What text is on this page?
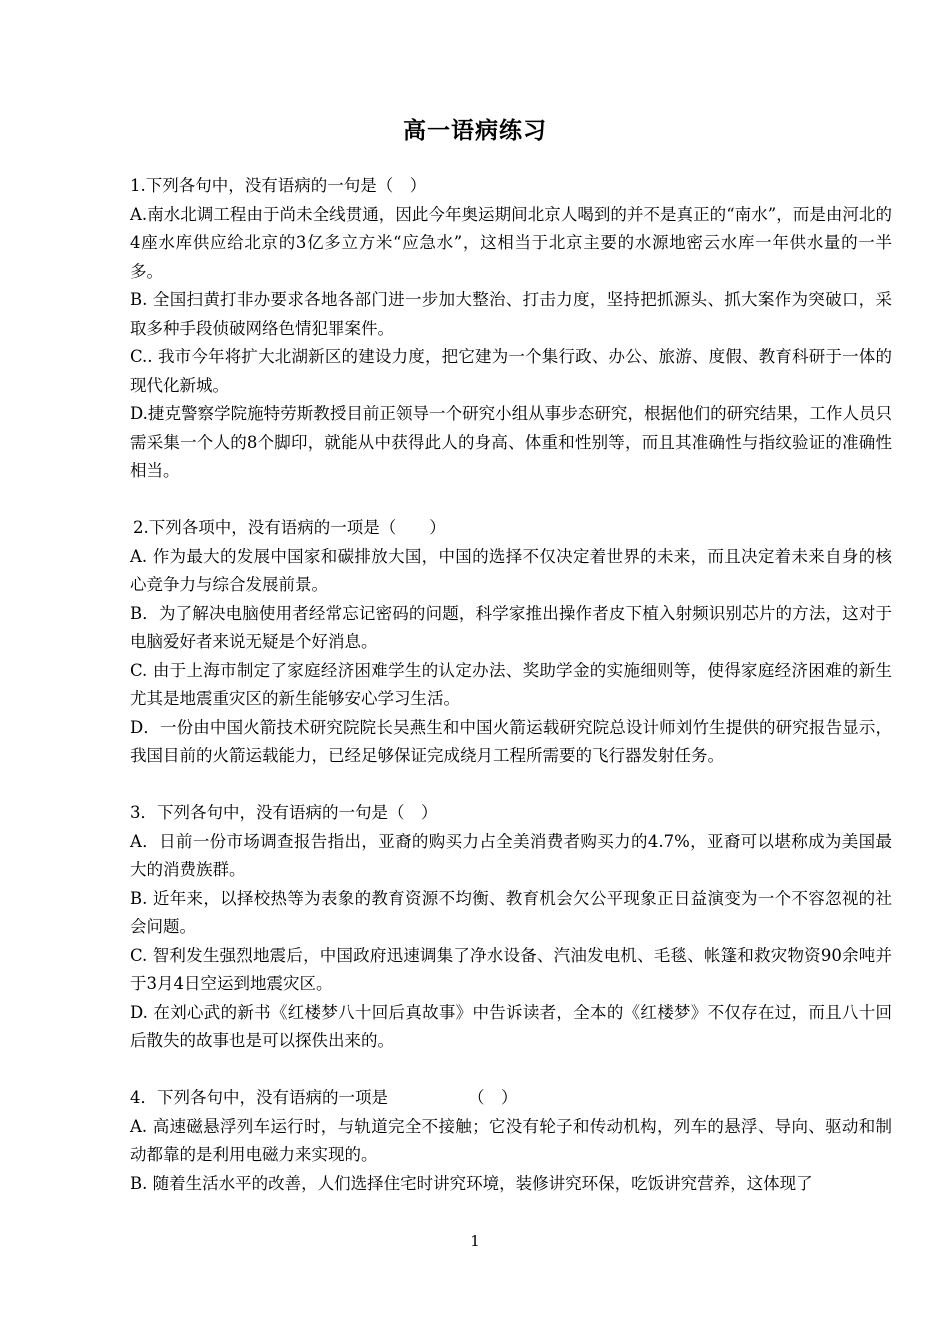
高一语病练习
1.下列各句中，没有语病的一句是（　）
A.南水北调工程由于尚未全线贯通，因此今年奥运期间北京人喝到的并不是真正的“南水”，而是由河北的4座水库供应给北京的3亿多立方米“应急水”，这相当于北京主要的水源地密云水库一年供水量的一半多。
B. 全国扫黄打非办要求各地各部门进一步加大整治、打击力度，坚持把抓源头、抓大案作为突破口，采取多种手段侦破网络色情犯罪案件。
C.. 我市今年将扩大北湖新区的建设力度，把它建为一个集行政、办公、旅游、度假、教育科研于一体的现代化新城。
D.捷克警察学院施特劳斯教授目前正领导一个研究小组从事步态研究，根据他们的研究结果，工作人员只需采集一个人的8个脚印，就能从中获得此人的身高、体重和性别等，而且其准确性与指纹验证的准确性相当。
2.下列各项中，没有语病的一项是（　　）
A. 作为最大的发展中国家和碳排放大国，中国的选择不仅决定着世界的未来，而且决定着未来自身的核心竞争力与综合发展前景。
B．为了解决电脑使用者经常忘记密码的问题，科学家推出操作者皮下植入射频识别芯片的方法，这对于电脑爱好者来说无疑是个好消息。
C. 由于上海市制定了家庭经济困难学生的认定办法、奖助学金的实施细则等，使得家庭经济困难的新生尤其是地震重灾区的新生能够安心学习生活。
D．一份由中国火箭技术研究院院长吴燕生和中国火箭运载研究院总设计师刘竹生提供的研究报告显示，我国目前的火箭运载能力，已经足够保证完成绕月工程所需要的飞行器发射任务。
3．下列各句中，没有语病的一句是（　）
A．日前一份市场调查报告指出，亚裔的购买力占全美消费者购买力的4.7%，亚裔可以堪称成为美国最大的消费族群。
B. 近年来，以择校热等为表象的教育资源不均衡、教育机会欠公平现象正日益演变为一个不容忽视的社会问题。
C. 智利发生强烈地震后，中国政府迅速调集了净水设备、汽油发电机、毛毯、帐篷和救灾物资90余吨并于3月4日空运到地震灾区。
D. 在刘心武的新书《红楼梦八十回后真故事》中告诉读者，全本的《红楼梦》不仅存在过，而且八十回后散失的故事也是可以探佚出来的。
4．下列各句中，没有语病的一项是	（　）
A. 高速磁悬浮列车运行时，与轨道完全不接触；它没有轮子和传动机构，列车的悬浮、导向、驱动和制动都靠的是利用电磁力来实现的。
B. 随着生活水平的改善，人们选择住宅时讲究环境，装修讲究环保，吃饭讲究营养，这体现了
1
